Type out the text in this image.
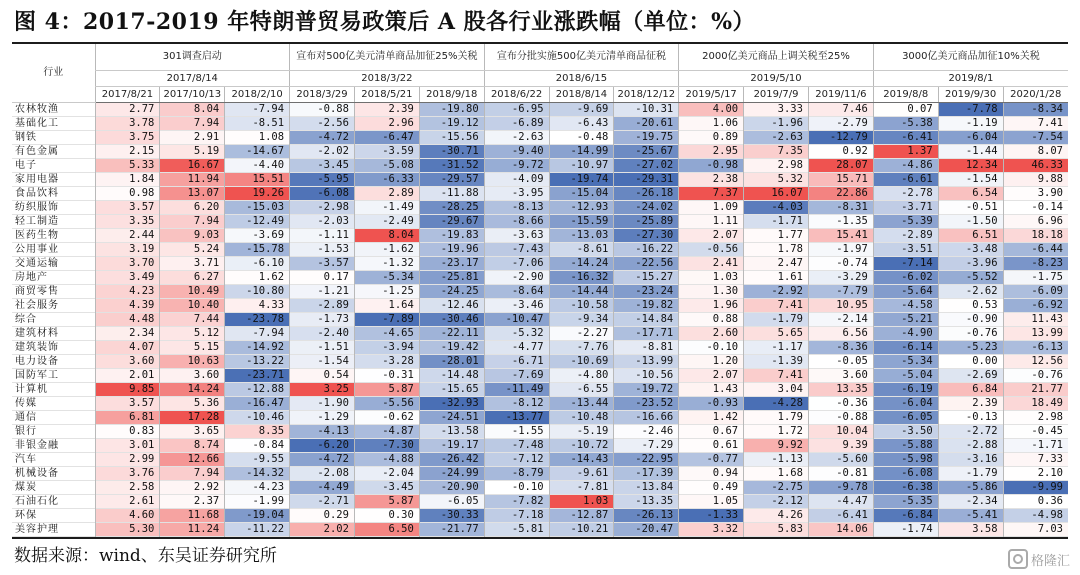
图 4：2017-2019 年特朗普贸易政策后 A 股各行业涨跌幅（单位：%）
行业	301调查启动			宣布对500亿美元清单商品加征25%关税			宣布分批实施500亿美元清单商品征税			2000亿美元商品上调关税至25%			3000亿美元商品加征10%关税		
	2017/8/14			2018/3/22			2018/6/15			2019/5/10			2019/8/1		
	2017/8/21	2017/10/13	2018/2/10	2018/3/29	2018/5/21	2018/9/18	2018/6/22	2018/8/14	2018/12/12	2019/5/17	2019/7/9	2019/11/6	2019/8/8	2019/9/30	2020/1/28
农林牧渔	2.77	8.04	-7.94	-0.88	2.39	-19.80	-6.95	-9.69	-10.31	4.00	3.33	7.46	0.07	-7.78	-8.34
基础化工	3.78	7.94	-8.51	-2.56	2.96	-19.12	-6.89	-6.43	-20.61	1.06	-1.96	-2.79	-5.38	-1.19	7.41
钢铁	3.75	2.91	1.08	-4.72	-6.47	-15.56	-2.63	-0.48	-19.75	0.89	-2.63	-12.79	-6.41	-6.04	-7.54
有色金属	2.15	5.19	-14.67	-2.02	-3.59	-30.71	-9.40	-14.99	-25.67	2.95	7.35	0.92	1.37	-1.44	8.07
电子	5.33	16.67	-4.40	-3.45	-5.08	-31.52	-9.72	-10.97	-27.02	-0.98	2.98	28.07	-4.86	12.34	46.33
家用电器	1.84	11.94	15.51	-5.95	-6.33	-29.57	-4.09	-19.74	-29.31	2.38	5.32	15.71	-6.61	-1.54	9.88
食品饮料	0.98	13.07	19.26	-6.08	2.89	-11.88	-3.95	-15.04	-26.18	7.37	16.07	22.86	-2.78	6.54	3.90
纺织服饰	3.57	6.20	-15.03	-2.98	-1.49	-28.25	-8.13	-12.93	-24.02	1.09	-4.03	-8.31	-3.71	-0.51	-0.14
轻工制造	3.35	7.94	-12.49	-2.03	-2.49	-29.67	-8.66	-15.59	-25.89	1.11	-1.71	-1.35	-5.39	-1.50	6.96
医药生物	2.44	9.03	-3.69	-1.11	8.04	-19.83	-3.63	-13.03	-27.30	2.07	1.77	15.41	-2.89	6.51	18.18
公用事业	3.19	5.24	-15.78	-1.53	-1.62	-19.96	-7.43	-8.61	-16.22	-0.56	1.78	-1.97	-3.51	-3.48	-6.44
交通运输	3.70	3.71	-6.10	-3.57	-1.32	-23.17	-7.06	-14.24	-22.56	2.41	2.47	-0.74	-7.14	-3.96	-8.23
房地产	3.49	6.27	1.62	0.17	-5.34	-25.81	-2.90	-16.32	-15.27	1.03	1.61	-3.29	-6.02	-5.52	-1.75
商贸零售	4.23	10.49	-10.80	-1.21	-1.25	-24.25	-8.64	-14.44	-23.24	1.30	-2.92	-7.79	-5.64	-2.62	-6.09
社会服务	4.39	10.40	4.33	-2.89	1.64	-12.46	-3.46	-10.58	-19.82	1.96	7.41	10.95	-4.58	0.53	-6.92
综合	4.48	7.44	-23.78	-1.73	-7.89	-30.46	-10.47	-9.34	-14.84	0.88	-1.79	-2.14	-5.21	-0.90	11.43
建筑材料	2.34	5.12	-7.94	-2.40	-4.65	-22.11	-5.32	-2.27	-17.71	2.60	5.65	6.56	-4.90	-0.76	13.99
建筑装饰	4.07	5.15	-14.92	-1.51	-3.94	-19.42	-4.77	-7.76	-8.81	-0.10	-1.17	-8.36	-6.14	-5.23	-6.13
电力设备	3.60	10.63	-13.22	-1.54	-3.28	-28.01	-6.71	-10.69	-13.99	1.20	-1.39	-0.05	-5.34	0.00	12.56
国防军工	2.01	3.60	-23.71	0.54	-0.31	-14.48	-7.69	-4.80	-10.56	2.07	7.41	3.60	-5.04	-2.69	-0.76
计算机	9.85	14.24	-12.88	3.25	5.87	-15.65	-11.49	-6.55	-19.72	1.43	3.04	13.35	-6.19	6.84	21.77
传媒	3.57	5.36	-16.47	-1.90	-5.56	-32.93	-8.12	-13.44	-23.52	-0.93	-4.28	-0.36	-6.04	2.39	18.49
通信	6.81	17.28	-10.46	-1.29	-0.62	-24.51	-13.77	-10.48	-16.66	1.42	1.79	-0.88	-6.05	-0.13	2.98
银行	0.83	3.65	8.35	-4.13	-4.87	-13.58	-1.55	-5.19	-2.46	0.67	1.72	10.04	-3.50	-2.72	-0.45
非银金融	3.01	8.74	-0.84	-6.20	-7.30	-19.17	-7.48	-10.72	-7.29	0.61	9.92	9.39	-5.88	-2.88	-1.71
汽车	2.99	12.66	-9.55	-4.72	-4.88	-26.42	-7.12	-14.43	-22.95	-0.77	-1.13	-5.60	-5.98	-3.16	7.33
机械设备	3.76	7.94	-14.32	-2.08	-2.04	-24.99	-8.79	-9.61	-17.39	0.94	1.68	-0.81	-6.08	-1.79	2.10
煤炭	2.58	2.92	-4.23	-4.49	-3.45	-20.90	-0.10	-7.81	-13.84	0.49	-2.75	-9.78	-6.38	-5.86	-9.99
石油石化	2.61	2.37	-1.99	-2.71	5.87	-6.05	-7.82	1.03	-13.35	1.05	-2.12	-4.47	-5.35	-2.34	0.36
环保	4.60	11.68	-19.04	0.29	0.30	-30.33	-7.18	-12.87	-26.13	-1.33	4.26	-6.41	-6.84	-5.41	-4.98
美容护理	5.30	11.24	-11.22	2.02	6.50	-21.77	-5.81	-10.21	-20.47	3.32	5.83	14.06	-1.74	3.58	7.03
数据来源：wind、东吴证券研究所	格隆汇
